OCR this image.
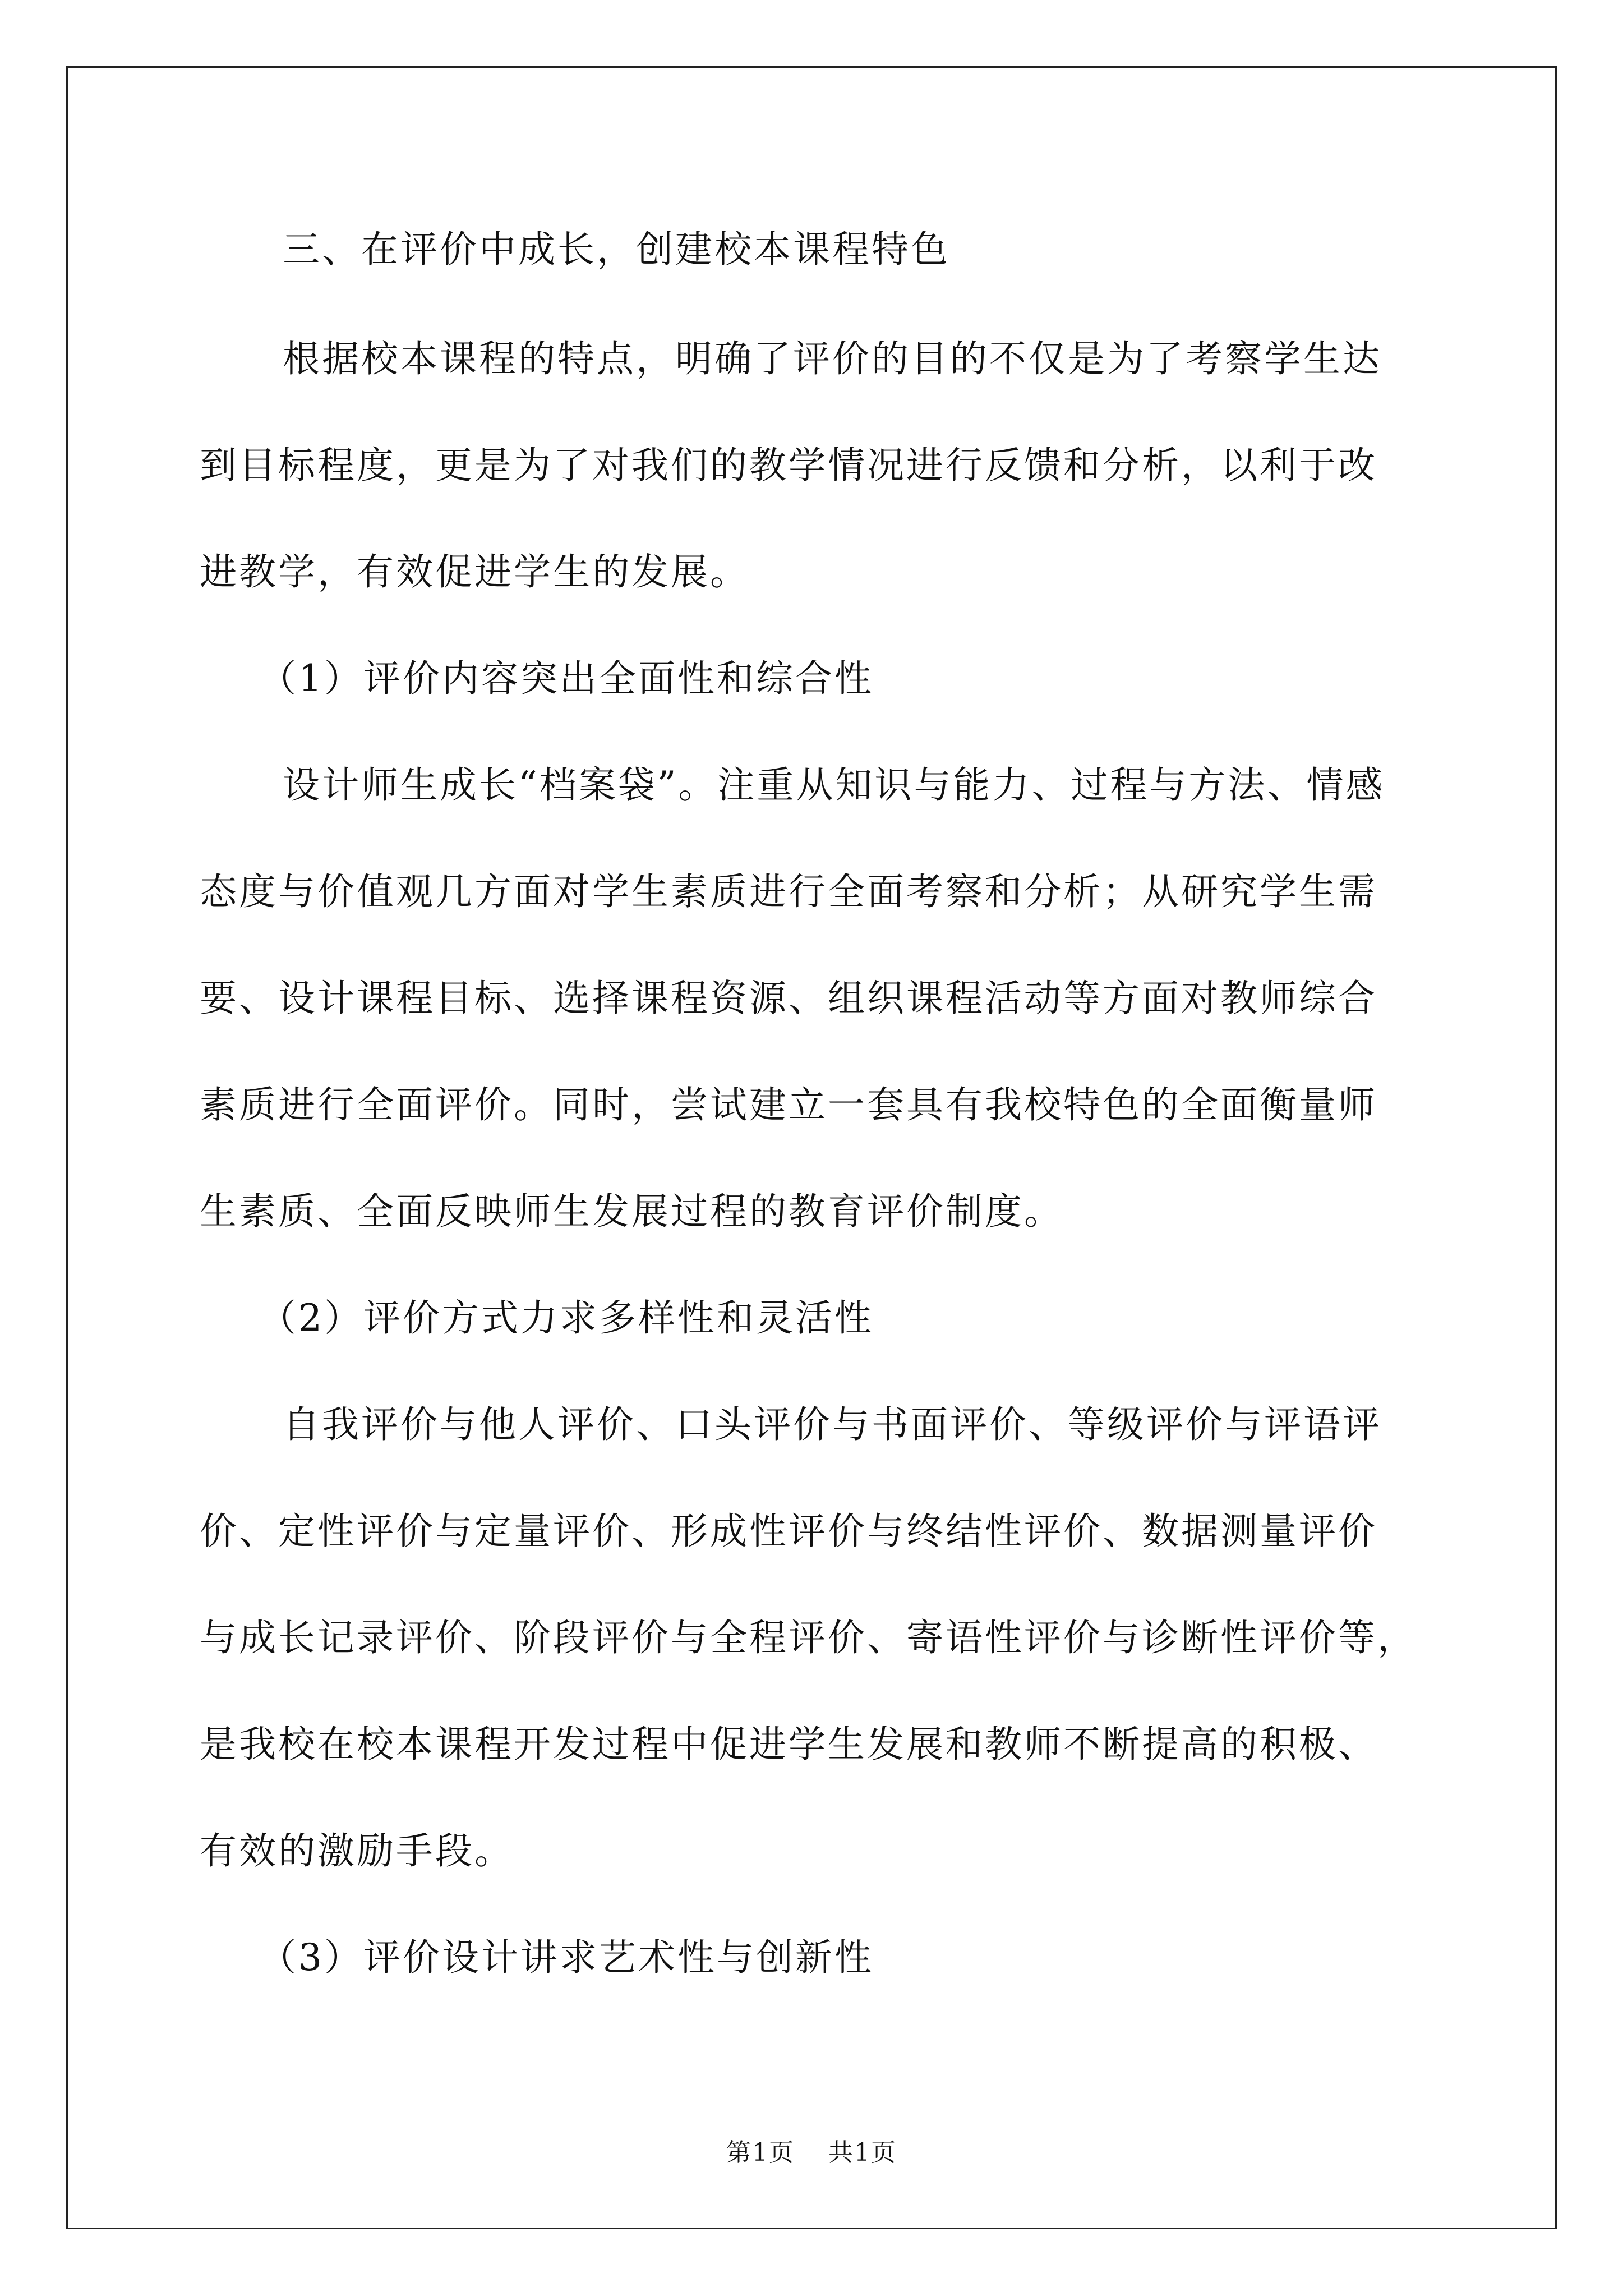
三、在评价中成长，创建校本课程特色
根据校本课程的特点，明确了评价的目的不仅是为了考察学生达
到目标程度，更是为了对我们的教学情况进行反馈和分析，以利于改
进教学，有效促进学生的发展。
（1）评价内容突出全面性和综合性
设计师生成长“档案袋”。注重从知识与能力、过程与方法、情感
态度与价值观几方面对学生素质进行全面考察和分析；从研究学生需
要、设计课程目标、选择课程资源、组织课程活动等方面对教师综合
素质进行全面评价。同时，尝试建立一套具有我校特色的全面衡量师
生素质、全面反映师生发展过程的教育评价制度。
（2）评价方式力求多样性和灵活性
自我评价与他人评价、口头评价与书面评价、等级评价与评语评
价、定性评价与定量评价、形成性评价与终结性评价、数据测量评价
与成长记录评价、阶段评价与全程评价、寄语性评价与诊断性评价等，
是我校在校本课程开发过程中促进学生发展和教师不断提高的积极、
有效的激励手段。
（3）评价设计讲求艺术性与创新性
第1页 共1页
